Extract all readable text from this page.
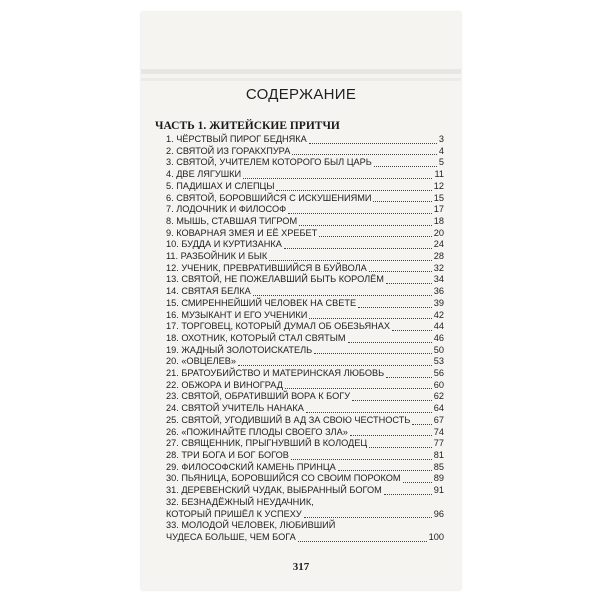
СОДЕРЖАНИЕ
ЧАСТЬ 1. ЖИТЕЙСКИЕ ПРИТЧИ
1. ЧЁРСТВЫЙ ПИРОГ БЕДНЯКА	3
2. СВЯТОЙ ИЗ ГОРАКХПУРА	4
3. СВЯТОЙ, УЧИТЕЛЕМ КОТОРОГО БЫЛ ЦАРЬ	5
4. ДВЕ ЛЯГУШКИ	11
5. ПАДИШАХ И СЛЕПЦЫ	12
6. СВЯТОЙ, БОРОВШИЙСЯ С ИСКУШЕНИЯМИ	15
7. ЛОДОЧНИК И ФИЛОСОФ	17
8. МЫШЬ, СТАВШАЯ ТИГРОМ	18
9. КОВАРНАЯ ЗМЕЯ И ЕЁ ХРЕБЕТ	20
10. БУДДА И КУРТИЗАНКА	24
11. РАЗБОЙНИК И БЫК	28
12. УЧЕНИК, ПРЕВРАТИВШИЙСЯ В БУЙВОЛА	32
13. СВЯТОЙ, НЕ ПОЖЕЛАВШИЙ БЫТЬ КОРОЛЁМ	34
14. СВЯТАЯ БЕЛКА	36
15. СМИРЕННЕЙШИЙ ЧЕЛОВЕК НА СВЕТЕ	39
16. МУЗЫКАНТ И ЕГО УЧЕНИКИ	42
17. ТОРГОВЕЦ, КОТОРЫЙ ДУМАЛ ОБ ОБЕЗЬЯНАХ	44
18. ОХОТНИК, КОТОРЫЙ СТАЛ СВЯТЫМ	46
19. ЖАДНЫЙ ЗОЛОТОИСКАТЕЛЬ	50
20. «ОВЦЕЛЕВ»	53
21. БРАТОУБИЙСТВО И МАТЕРИНСКАЯ ЛЮБОВЬ	56
22. ОБЖОРА И ВИНОГРАД	60
23. СВЯТОЙ, ОБРАТИВШИЙ ВОРА К БОГУ	62
24. СВЯТОЙ УЧИТЕЛЬ НАНАКА	64
25. СВЯТОЙ, УГОДИВШИЙ В АД ЗА СВОЮ ЧЕСТНОСТЬ	67
26. «ПОЖИНАЙТЕ ПЛОДЫ СВОЕГО ЗЛА»	74
27. СВЯЩЕННИК, ПРЫГНУВШИЙ В КОЛОДЕЦ	77
28. ТРИ БОГА И БОГ БОГОВ	81
29. ФИЛОСОФСКИЙ КАМЕНЬ ПРИНЦА	85
30. ПЬЯНИЦА, БОРОВШИЙСЯ СО СВОИМ ПОРОКОМ	89
31. ДЕРЕВЕНСКИЙ ЧУДАК, ВЫБРАННЫЙ БОГОМ	91
32. БЕЗНАДЁЖНЫЙ НЕУДАЧНИК,
КОТОРЫЙ ПРИШЁЛ К УСПЕХУ	96
33. МОЛОДОЙ ЧЕЛОВЕК, ЛЮБИВШИЙ
ЧУДЕСА БОЛЬШЕ, ЧЕМ БОГА	100
317
